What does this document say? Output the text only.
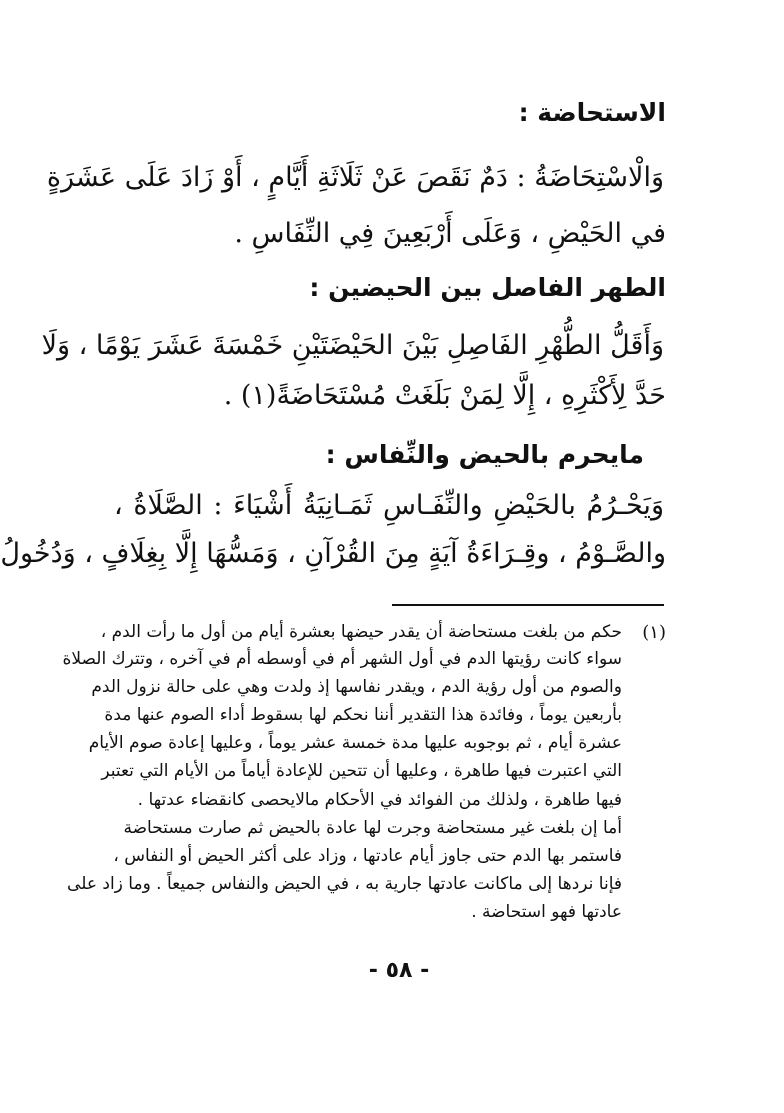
الاستحاضة :
وَالْاسْتِحَاضَةُ : دَمٌ نَقَصَ عَنْ ثَلَاثَةِ أَيَّامٍ ، أَوْ زَادَ عَلَى عَشَرَةٍ
في الحَيْضِ ، وَعَلَى أَرْبَعِينَ فِي النِّفَاسِ .
الطهر الفاصل بين الحيضين :
وَأَقَلُّ الطُّهْرِ الفَاصِلِ بَيْنَ الحَيْضَتَيْنِ خَمْسَةَ عَشَرَ يَوْمًا ، وَلَا
حَدَّ لِأَكْثَرِهِ ، إِلَّا لِمَنْ بَلَغَتْ مُسْتَحَاضَةً(١) .
مايحرم بالحيض والنِّفاس :
وَيَحْـرُمُ بالحَيْضِ والنِّفَـاسِ ثَمَـانِيَةُ أَشْيَاءَ : الصَّلَاةُ ،
والصَّـوْمُ ، وقِـرَاءَةُ آيَةٍ مِنَ القُرْآنِ ، وَمَسُّهَا إِلَّا بِغِلَافٍ ، وَدُخُولُ
(١)
حكم من بلغت مستحاضة أن يقدر حيضها بعشرة أيام من أول ما رأت الدم ،
سواء كانت رؤيتها الدم في أول الشهر أم في أوسطه أم في آخره ، وتترك الصلاة
والصوم من أول رؤية الدم ، ويقدر نفاسها إذ ولدت وهي على حالة نزول الدم
بأربعين يوماً ، وفائدة هذا التقدير أننا نحكم لها بسقوط أداء الصوم عنها مدة
عشرة أيام ، ثم بوجوبه عليها مدة خمسة عشر يوماً ، وعليها إعادة صوم الأيام
التي اعتبرت فيها طاهرة ، وعليها أن تتحين للإعادة أياماً من الأيام التي تعتبر
فيها طاهرة ، ولذلك من الفوائد في الأحكام مالايحصى كانقضاء عدتها .
أما إن بلغت غير مستحاضة وجرت لها عادة بالحيض ثم صارت مستحاضة
فاستمر بها الدم حتى جاوز أيام عادتها ، وزاد على أكثر الحيض أو النفاس ،
فإنا نردها إلى ماكانت عادتها جارية به ، في الحيض والنفاس جميعاً . وما زاد على
عادتها فهو استحاضة .
- ٥٨ -
